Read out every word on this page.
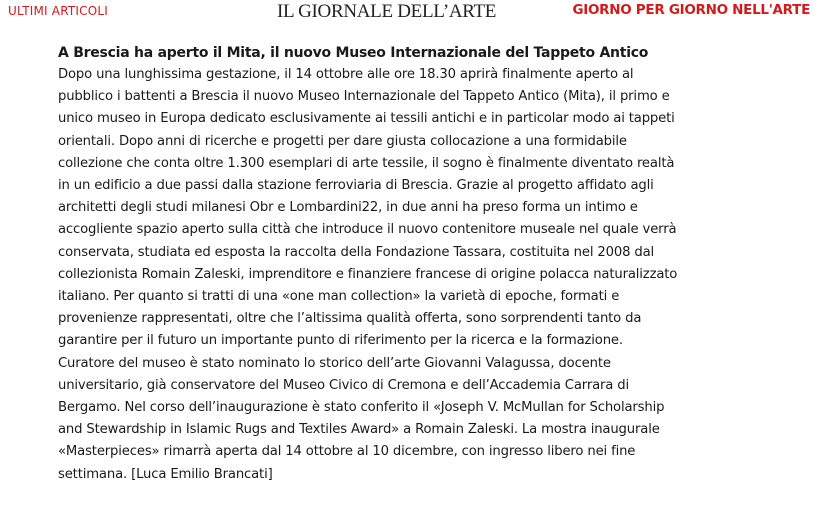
ULTIMI ARTICOLI	IL GIORNALE DELL’ARTE	GIORNO PER GIORNO NELL'ARTE
A Brescia ha aperto il Mita, il nuovo Museo Internazionale del Tappeto Antico

Dopo una lunghissima gestazione, il 14 ottobre alle ore 18.30 aprirà finalmente aperto al
pubblico i battenti a Brescia il nuovo Museo Internazionale del Tappeto Antico (Mita), il primo e
unico museo in Europa dedicato esclusivamente ai tessili antichi e in particolar modo ai tappeti
orientali. Dopo anni di ricerche e progetti per dare giusta collocazione a una formidabile
collezione che conta oltre 1.300 esemplari di arte tessile, il sogno è finalmente diventato realtà
in un edificio a due passi dalla stazione ferroviaria di Brescia. Grazie al progetto affidato agli
architetti degli studi milanesi Obr e Lombardini22, in due anni ha preso forma un intimo e
accogliente spazio aperto sulla città che introduce il nuovo contenitore museale nel quale verrà
conservata, studiata ed esposta la raccolta della Fondazione Tassara, costituita nel 2008 dal
collezionista Romain Zaleski, imprenditore e finanziere francese di origine polacca naturalizzato
italiano. Per quanto si tratti di una «one man collection» la varietà di epoche, formati e
provenienze rappresentati, oltre che l’altissima qualità offerta, sono sorprendenti tanto da
garantire per il futuro un importante punto di riferimento per la ricerca e la formazione.
Curatore del museo è stato nominato lo storico dell’arte Giovanni Valagussa, docente
universitario, già conservatore del Museo Civico di Cremona e dell’Accademia Carrara di
Bergamo. Nel corso dell’inaugurazione è stato conferito il «Joseph V. McMullan for Scholarship
and Stewardship in Islamic Rugs and Textiles Award» a Romain Zaleski. La mostra inaugurale
«Masterpieces» rimarrà aperta dal 14 ottobre al 10 dicembre, con ingresso libero nei fine
settimana. [Luca Emilio Brancati]
